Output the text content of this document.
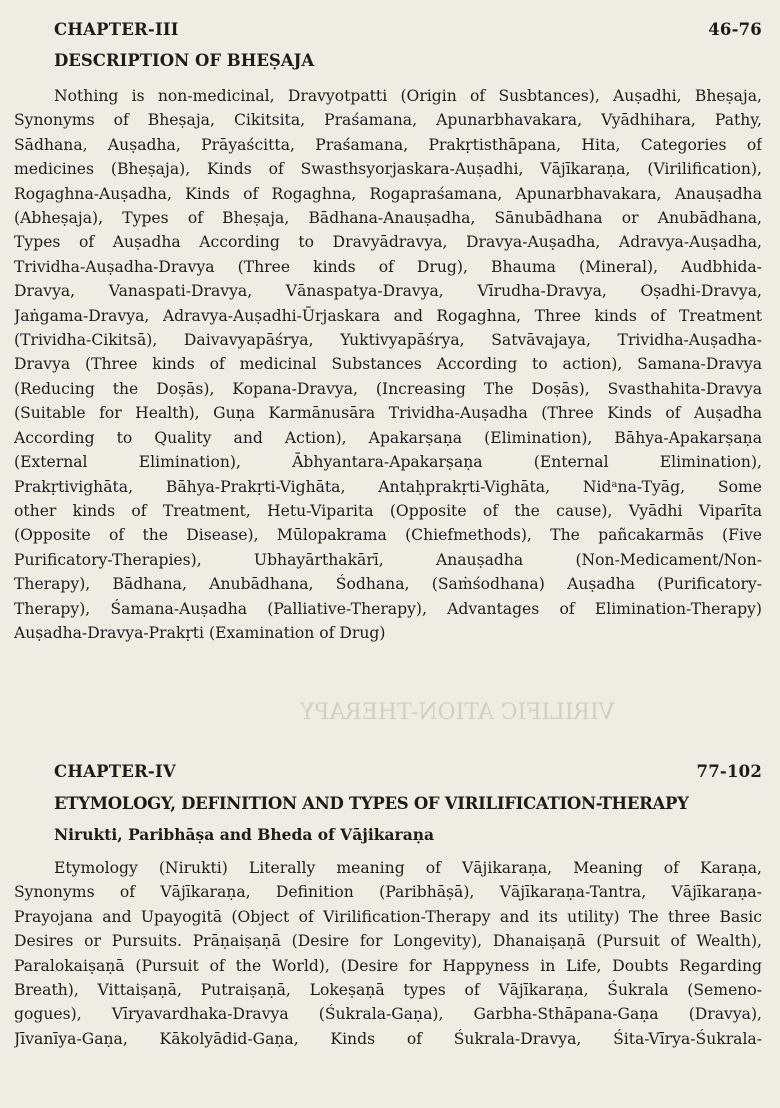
VIRILIFIC ATION-THERAPY
CHAPTER-III	46-76
DESCRIPTION OF BHEṢAJA
Nothing is non-medicinal, Dravyotpatti (Origin of Susbtances), Auṣadhi, Bheṣaja,
Synonyms of Bheṣaja, Cikitsita, Praśamana, Apunarbhavakara, Vyādhihara, Pathy,
Sādhana, Auṣadha, Prāyaścitta, Praśamana, Prakṛtisthāpana, Hita, Categories of
medicines (Bheṣaja), Kinds of Swasthsyorjaskara-Auṣadhi, Vājīkaraṇa, (Virilification),
Rogaghna-Auṣadha, Kinds of Rogaghna, Rogapraśamana, Apunarbhavakara, Anauṣadha
(Abheṣaja), Types of Bheṣaja, Bādhana-Anauṣadha, Sānubādhana or Anubādhana,
Types of Auṣadha According to Dravyādravya, Dravya-Auṣadha, Adravya-Auṣadha,
Trividha-Auṣadha-Dravya (Three kinds of Drug), Bhauma (Mineral), Audbhida-
Dravya, Vanaspati-Dravya, Vānaspatya-Dravya, Vīrudha-Dravya, Oṣadhi-Dravya,
Jaṅgama-Dravya, Adravya-Auṣadhi-Ūrjaskara and Rogaghna, Three kinds of Treatment
(Trividha-Cikitsā), Daivavyapāśrya, Yuktivyapāśrya, Satvāvajaya, Trividha-Auṣadha-
Dravya (Three kinds of medicinal Substances According to action), Samana-Dravya
(Reducing the Doṣās), Kopana-Dravya, (Increasing The Doṣās), Svasthahita-Dravya
(Suitable for Health), Guṇa Karmānusāra Trividha-Auṣadha (Three Kinds of Auṣadha
According to Quality and Action), Apakarṣaṇa (Elimination), Bāhya-Apakarṣaṇa
(External Elimination), Ābhyantara-Apakarṣaṇa (Enternal Elimination),
Prakṛtivighāta, Bāhya-Prakṛti-Vighāta, Antaḥprakṛti-Vighāta, Nidᵃna-Tyāg, Some
other kinds of Treatment, Hetu-Viparita (Opposite of the cause), Vyādhi Viparīta
(Opposite of the Disease), Mūlopakrama (Chiefmethods), The pañcakarmās (Five
Purificatory-Therapies), Ubhayārthakārī, Anauṣadha (Non-Medicament/Non-
Therapy), Bādhana, Anubādhana, Śodhana, (Saṁśodhana) Auṣadha (Purificatory-
Therapy), Śamana-Auṣadha (Palliative-Therapy), Advantages of Elimination-Therapy)
Auṣadha-Dravya-Prakṛti (Examination of Drug)
CHAPTER-IV	77-102
ETYMOLOGY, DEFINITION AND TYPES OF VIRILIFICATION-THERAPY
Nirukti, Paribhāṣa and Bheda of Vājikaraṇa
Etymology (Nirukti) Literally meaning of Vājikaraṇa, Meaning of Karaṇa,
Synonyms of Vājīkaraṇa, Definition (Paribhāṣā), Vājīkaraṇa-Tantra, Vājīkaraṇa-
Prayojana and Upayogitā (Object of Virilification-Therapy and its utility) The three Basic
Desires or Pursuits. Prāṇaiṣaṇā (Desire for Longevity), Dhanaiṣaṇā (Pursuit of Wealth),
Paralokaiṣaṇā (Pursuit of the World), (Desire for Happyness in Life, Doubts Regarding
Breath), Vittaiṣaṇā, Putraiṣaṇā, Lokeṣaṇā types of Vājīkaraṇa, Śukrala (Semeno-
gogues), Vīryavardhaka-Dravya (Śukrala-Gaṇa), Garbha-Sthāpana-Gaṇa (Dravya),
Jīvanīya-Gaṇa, Kākolyādid-Gaṇa, Kinds of Śukrala-Dravya, Śita-Vīrya-Śukrala-
